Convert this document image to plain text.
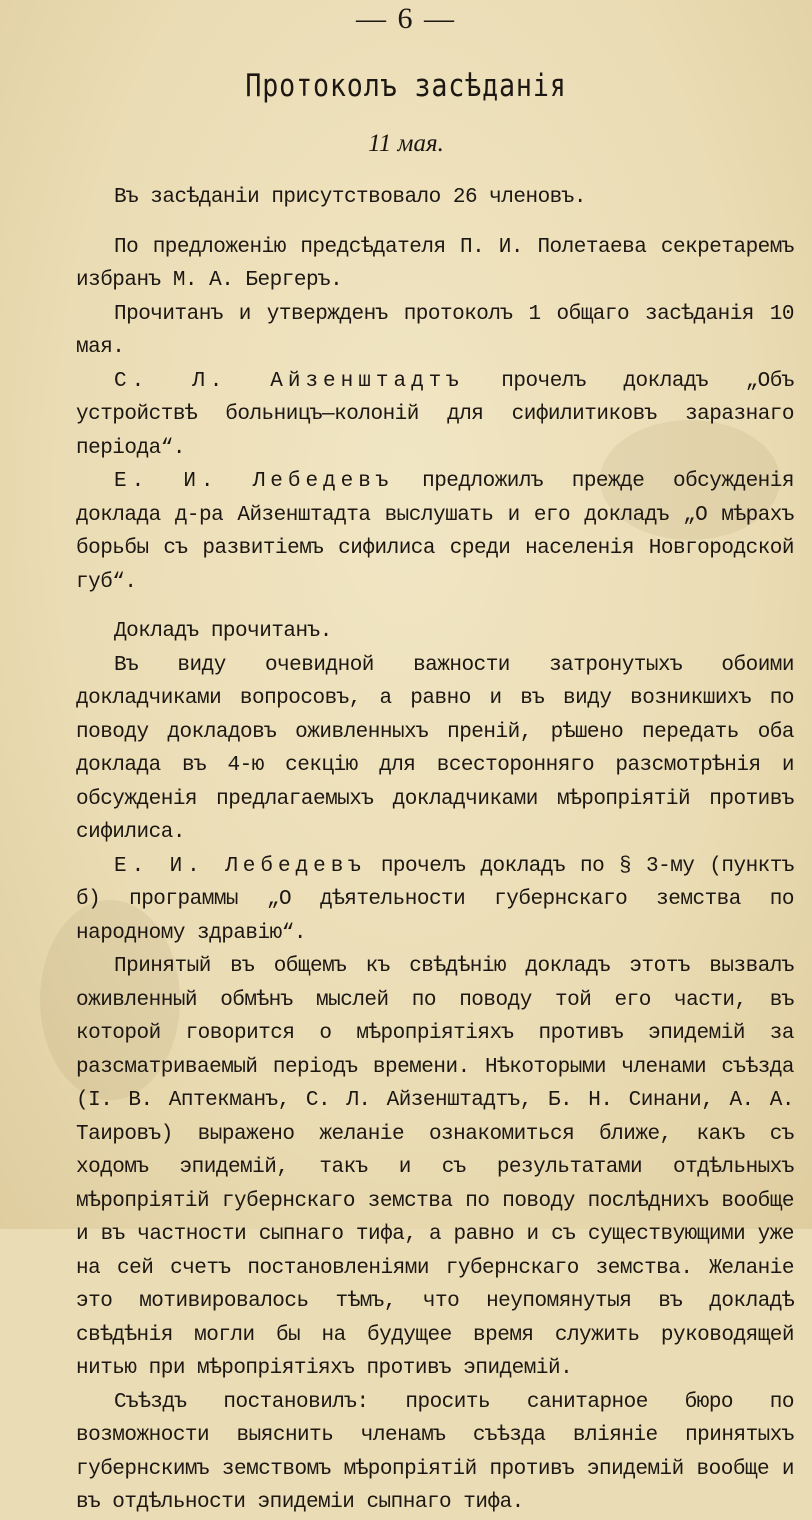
— 6 —
Протоколъ засѣданія
11 мая.

Въ засѣданіи присутствовало 26 членовъ.

По предложенію предсѣдателя П. И. Полетаева секретаремъ избранъ М. А. Бергеръ.

Прочитанъ и утвержденъ протоколъ 1 общаго засѣданія 10 мая.

С. Л. Айзенштадтъ прочелъ докладъ „Объ устройствѣ больницъ—колоній для сифилитиковъ заразнаго періода“.

Е. И. Лебедевъ предложилъ прежде обсужденія доклада д-ра Айзенштадта выслушать и его докладъ „О мѣрахъ борьбы съ развитіемъ сифилиса среди населенія Новгородской губ“.

Докладъ прочитанъ.

Въ виду очевидной важности затронутыхъ обоими докладчиками вопросовъ, а равно и въ виду возникшихъ по поводу докладовъ оживленныхъ преній, рѣшено передать оба доклада въ 4-ю секцію для всесторонняго разсмотрѣнія и обсужденія предлагаемыхъ докладчиками мѣропріятій противъ сифилиса.

Е. И. Лебедевъ прочелъ докладъ по § 3-му (пунктъ б) программы „О дѣятельности губернскаго земства по народному здравію“.

Принятый въ общемъ къ свѣдѣнію докладъ этотъ вызвалъ оживленный обмѣнъ мыслей по поводу той его части, въ которой говорится о мѣропріятіяхъ противъ эпидемій за разсматриваемый періодъ времени. Нѣкоторыми членами съѣзда (І. В. Аптекманъ, С. Л. Айзенштадтъ, Б. Н. Синани, А. А. Таировъ) выражено желаніе ознакомиться ближе, какъ съ ходомъ эпидемій, такъ и съ результатами отдѣльныхъ мѣропріятій губернскаго земства по поводу послѣднихъ вообще и въ частности сыпнаго тифа, а равно и съ существующими уже на сей счетъ постановленіями губернскаго земства. Желаніе это мотивировалось тѣмъ, что неупомянутыя въ докладѣ свѣдѣнія могли бы на будущее время служить руководящей нитью при мѣропріятіяхъ противъ эпидемій.

Съѣздъ постановилъ: просить санитарное бюро по возможности выяснить членамъ съѣзда вліяніе принятыхъ губернскимъ земствомъ мѣропріятій противъ эпидемій вообще и въ отдѣльности эпидеміи сыпнаго тифа.
